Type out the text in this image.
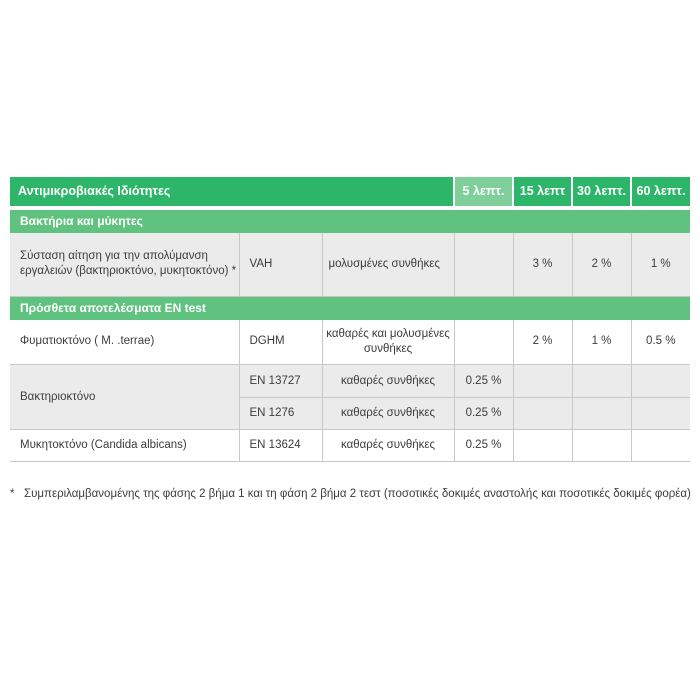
Αντιμικροβιακές Ιδιότητες			5 λεπτ.	15 λεπτ	30 λεπτ.	60 λεπτ.

Βακτήρια και μύκητες						
Σύσταση αίτηση για την απολύμανση εργαλειών (βακτηριοκτόνο, μυκητοκτόνο) *	VAH	μολυσμένες συνθήκες		3 %	2 %	1 %
Πρόσθετα αποτελέσματα EN test						
Φυματιοκτόνο ( M. .terrae)	DGHM	καθαρές και μολυσμένες συνθήκες		2 %	1 %	0.5 %
Βακτηριοκτόνο	EN 13727	καθαρές συνθήκες	0.25 %			
	EN 1276	καθαρές συνθήκες	0.25 %			
Μυκητοκτόνο (Candida albicans)	EN 13624	καθαρές συνθήκες	0.25 %			
* Συμπεριλαμβανομένης της φάσης 2 βήμα 1 και τη φάση 2 βήμα 2 τεστ (ποσοτικές δοκιμές αναστολής και ποσοτικές δοκιμές φορέα)
